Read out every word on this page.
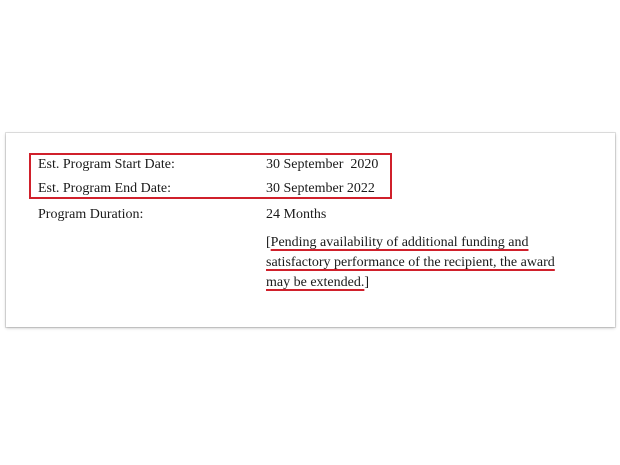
Est. Program Start Date:	30 September  2020
Est. Program End Date:	30 September 2022
Program Duration:	24 Months
[Pending availability of additional funding and
satisfactory performance of the recipient, the award
may be extended.]
